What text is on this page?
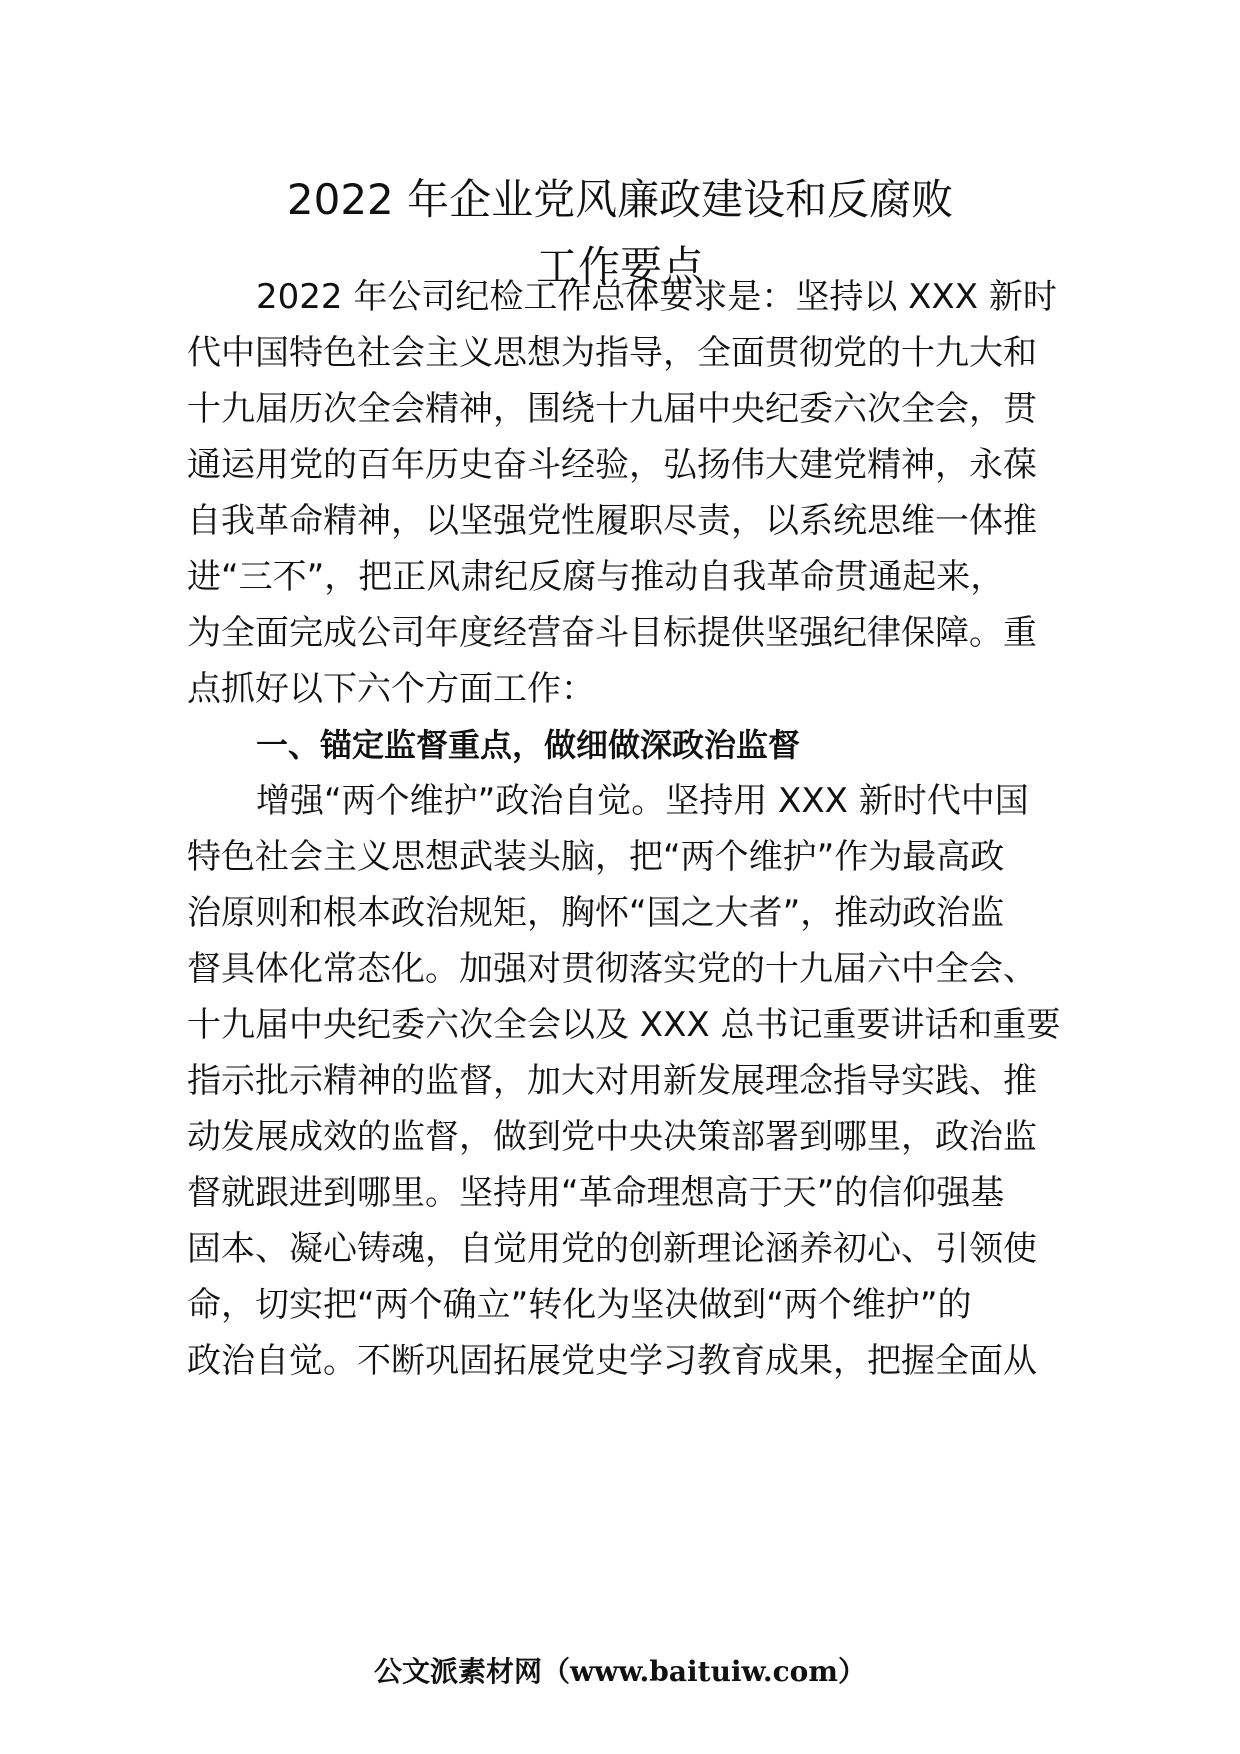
2022 年企业党风廉政建设和反腐败
工作要点
2022 年公司纪检工作总体要求是：坚持以 XXX 新时
代中国特色社会主义思想为指导，全面贯彻党的十九大和
十九届历次全会精神，围绕十九届中央纪委六次全会，贯
通运用党的百年历史奋斗经验，弘扬伟大建党精神，永葆
自我革命精神，以坚强党性履职尽责，以系统思维一体推
进“三不”，把正风肃纪反腐与推动自我革命贯通起来，
为全面完成公司年度经营奋斗目标提供坚强纪律保障。重
点抓好以下六个方面工作：
一、锚定监督重点，做细做深政治监督
增强“两个维护”政治自觉。坚持用 XXX 新时代中国
特色社会主义思想武装头脑，把“两个维护”作为最高政
治原则和根本政治规矩，胸怀“国之大者”，推动政治监
督具体化常态化。加强对贯彻落实党的十九届六中全会、
十九届中央纪委六次全会以及 XXX 总书记重要讲话和重要
指示批示精神的监督，加大对用新发展理念指导实践、推
动发展成效的监督，做到党中央决策部署到哪里，政治监
督就跟进到哪里。坚持用“革命理想高于天”的信仰强基
固本、凝心铸魂，自觉用党的创新理论涵养初心、引领使
命，切实把“两个确立”转化为坚决做到“两个维护”的
政治自觉。不断巩固拓展党史学习教育成果，把握全面从
公文派素材网（www.baituiw.com）
